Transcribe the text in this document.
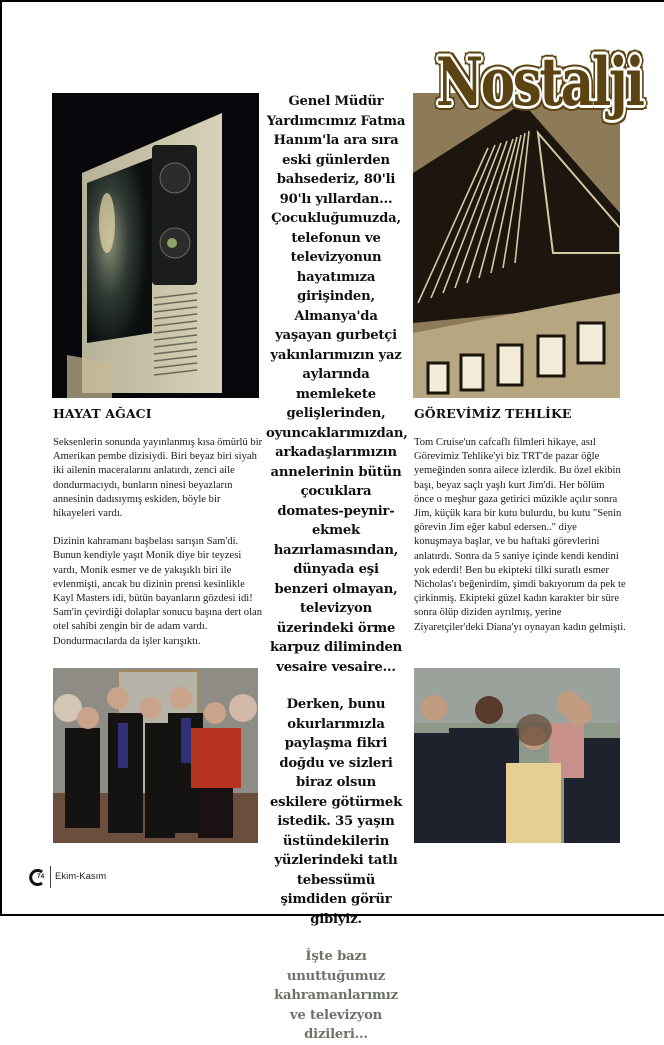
Nostalji

Genel Müdür Yardımcımız Fatma Hanım'la ara sıra eski günlerden bahsederiz, 80'li 90'lı yıllardan... Çocukluğumuzda, telefonun ve televizyonun hayatımıza girişinden, Almanya'da yaşayan gurbetçi yakınlarımızın yaz aylarında memlekete gelişlerinden, oyuncaklarımızdan, arkadaşlarımızın annelerinin bütün çocuklara domates-peynir-ekmek hazırlamasından, dünyada eşi benzeri olmayan, televizyon üzerindeki örme karpuz diliminden vesaire vesaire...

Derken, bunu okurlarımızla paylaşma fikri doğdu ve sizleri biraz olsun eskilere götürmek istedik. 35 yaşın üstündekilerin yüzlerindeki tatlı tebessümü şimdiden görür gibiyiz.

İşte bazı unuttuğumuz kahramanlarımız ve televizyon dizileri...

HAYAT AĞACI

Seksenlerin sonunda yayınlanmış kısa ömürlü bir Amerikan pembe dizisiydi. Biri beyaz biri siyah iki ailenin maceralarını anlatırdı, zenci aile dondurmacıydı, bunların ninesi beyazların annesinin dadısıymış eskiden, böyle bir hikayeleri vardı.

Dizinin kahramanı başbelası sarışın Sam'di. Bunun kendiyle yaşıt Monik diye bir teyzesi vardı, Monik esmer ve de yakışıklı biri ile evlenmişti, ancak bu dizinin prensi kesinlikle Kayl Masters idi, bütün bayanların gözdesi idi! Sam'in çevirdiği dolaplar sonucu başına dert olan otel sahibi zengin bir de adam vardı. Dondurmacılarda da işler karışıktı.

GÖREVİMİZ TEHLİKE

Tom Cruise'un cafcaflı filmleri hikaye, asıl Görevimiz Tehlike'yi biz TRT'de pazar öğle yemeğinden sonra ailece izlerdik. Bu özel ekibin başı, beyaz saçlı yaşlı kurt Jim'di. Her bölüm önce o meşhur gaza getirici müzikle açılır sonra Jim, küçük kara bir kutu bulurdu, bu kutu "Senin görevin Jim eğer kabul edersen.." diye konuşmaya başlar, ve bu haftaki görevlerini anlatırdı. Sonra da 5 saniye içinde kendi kendini yok ederdi! Ben bu ekipteki tilki suratlı esmer Nicholas'ı beğenirdim, şimdi bakıyorum da pek te çirkinmiş. Ekipteki güzel kadın karakter bir süre sonra ölüp diziden ayrılmış, yerine Ziyaretçiler'deki Diana'yı oynayan kadın gelmişti.

74 Ekim-Kasım
